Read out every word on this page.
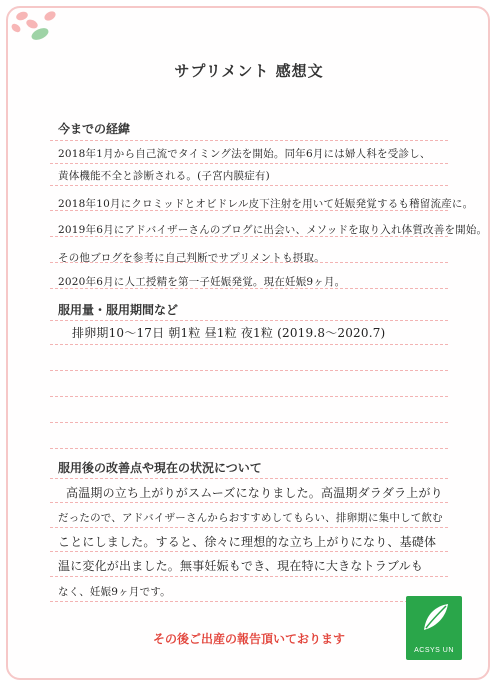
サプリメント 感想文
今までの経緯
2018年1月から自己流でタイミング法を開始。同年6月には婦人科を受診し、
黄体機能不全と診断される。(子宮内膜症有)
2018年10月にクロミッドとオビドレル皮下注射を用いて妊娠発覚するも稽留流産に。
2019年6月にアドバイザーさんのブログに出会い、メソッドを取り入れ体質改善を開始。
その他ブログを参考に自己判断でサプリメントも摂取。
2020年6月に人工授精を第一子妊娠発覚。現在妊娠9ヶ月。
服用量・服用期間など
排卵期10〜17日 朝1粒 昼1粒 夜1粒 (2019.8〜2020.7)
服用後の改善点や現在の状況について
高温期の立ち上がりがスムーズになりました。高温期ダラダラ上がり
だったので、アドバイザーさんからおすすめしてもらい、排卵期に集中して飲む
ことにしました。すると、徐々に理想的な立ち上がりになり、基礎体
温に変化が出ました。無事妊娠もでき、現在特に大きなトラブルも
なく、妊娠9ヶ月です。
その後ご出産の報告頂いております
ACSYS UN
